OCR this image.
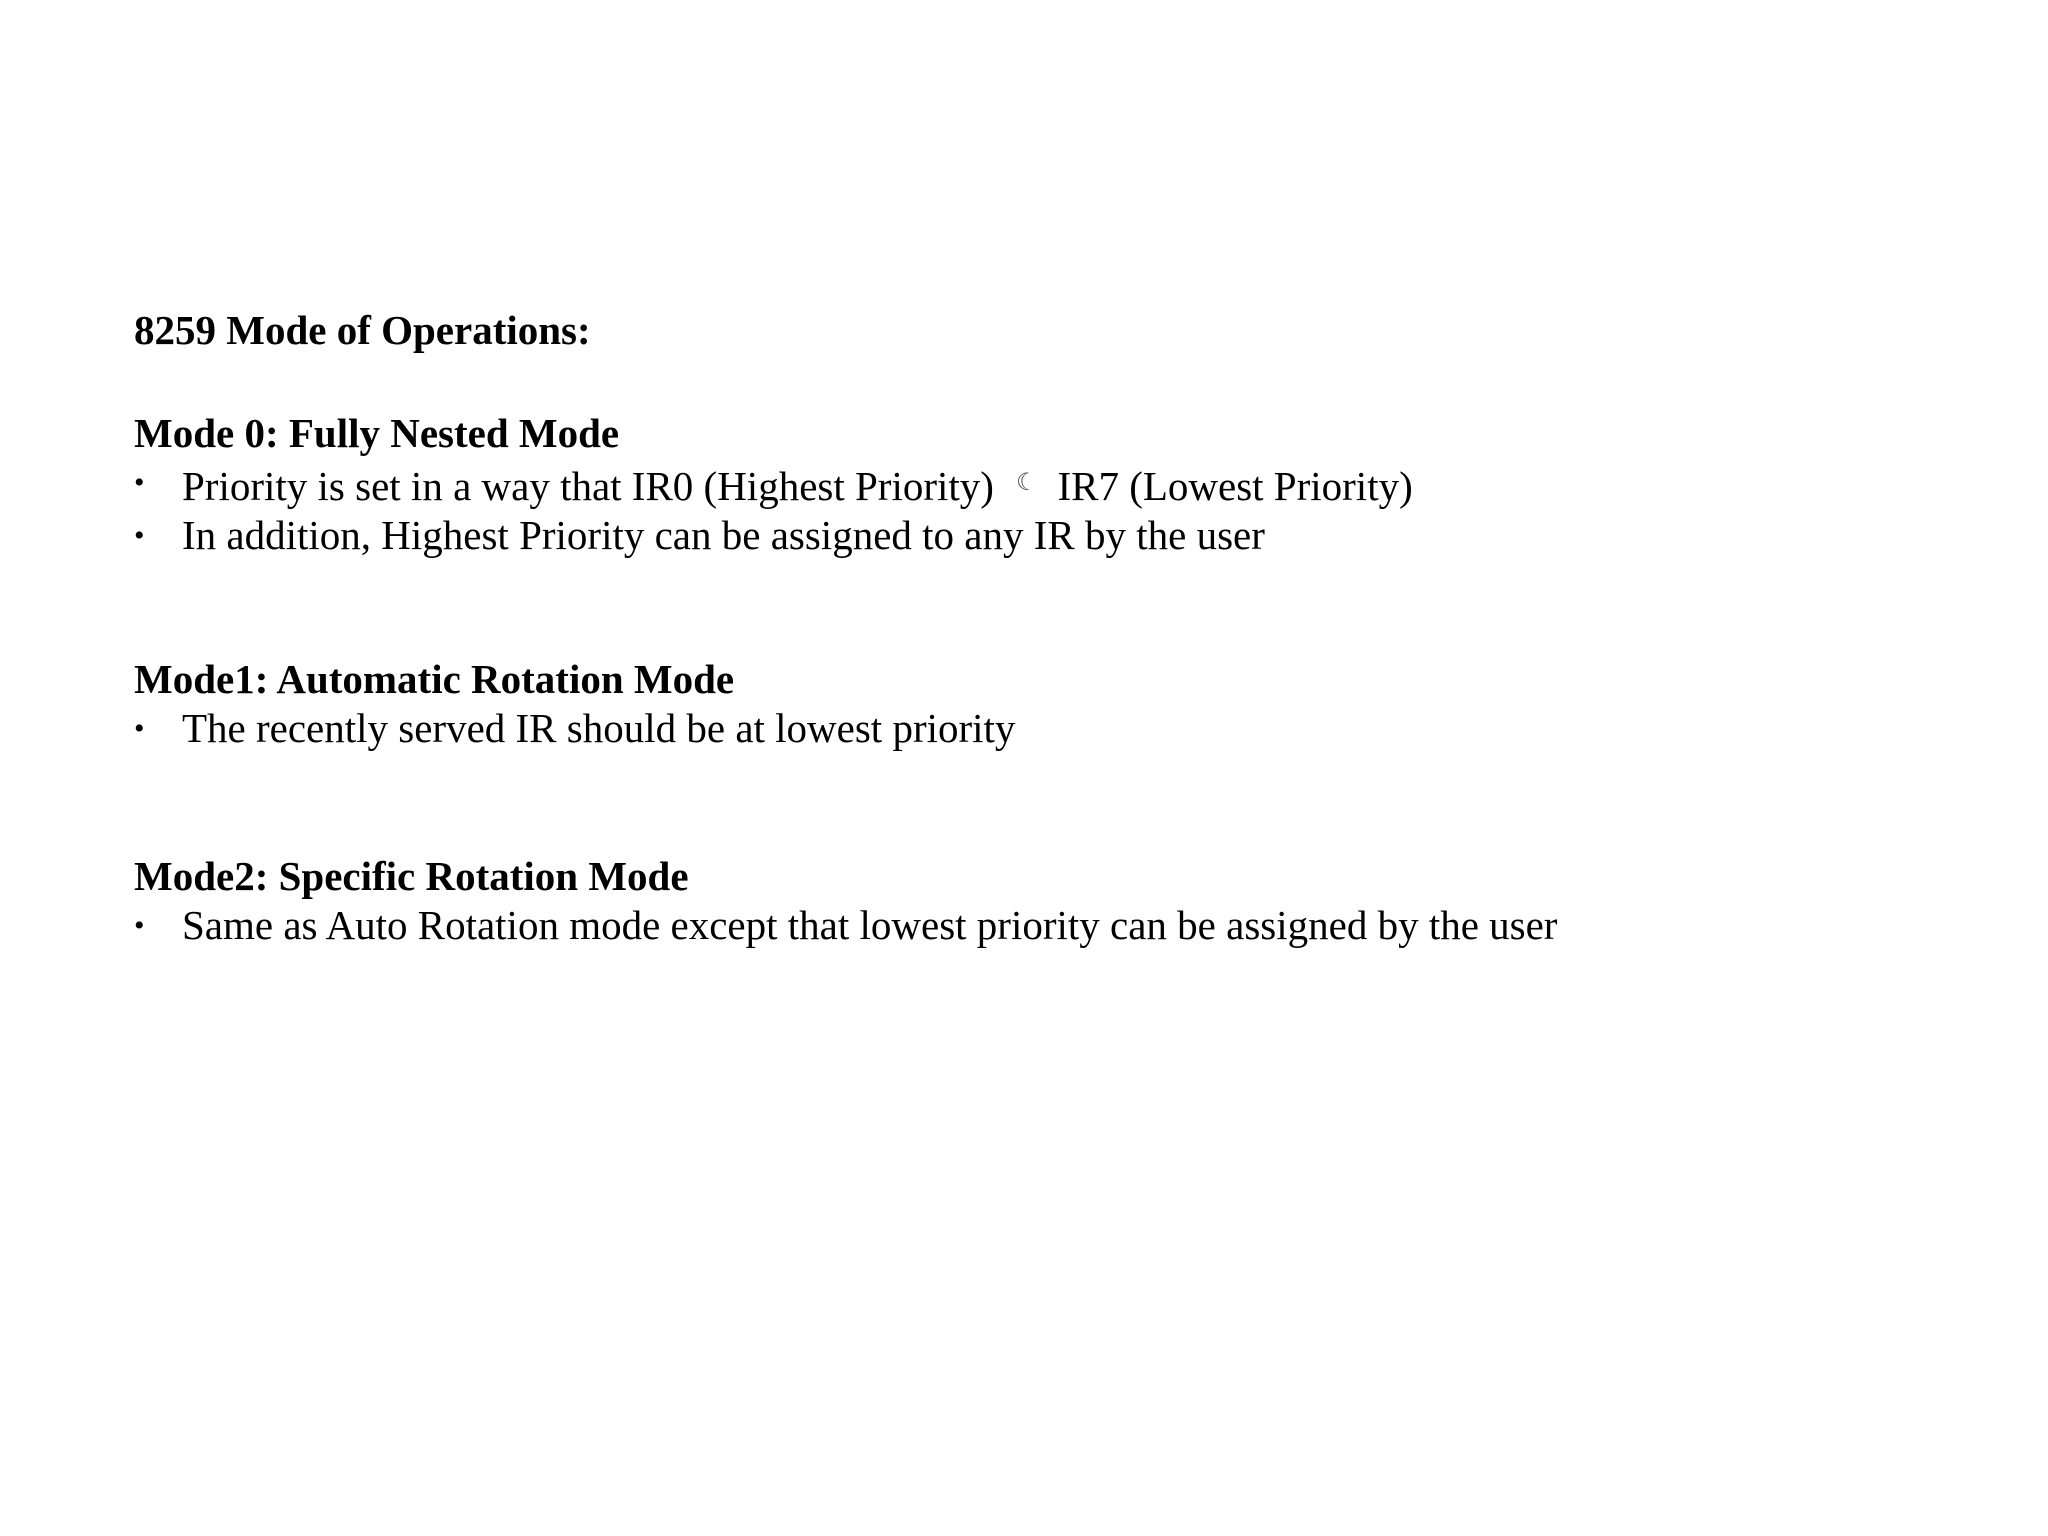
8259 Mode of Operations:
Mode 0: Fully Nested Mode
• Priority is set in a way that IR0 (Highest Priority) ☾ IR7 (Lowest Priority)
• In addition, Highest Priority can be assigned to any IR by the user
Mode1: Automatic Rotation Mode
• The recently served IR should be at lowest priority
Mode2: Specific Rotation Mode
• Same as Auto Rotation mode except that lowest priority can be assigned by the user
